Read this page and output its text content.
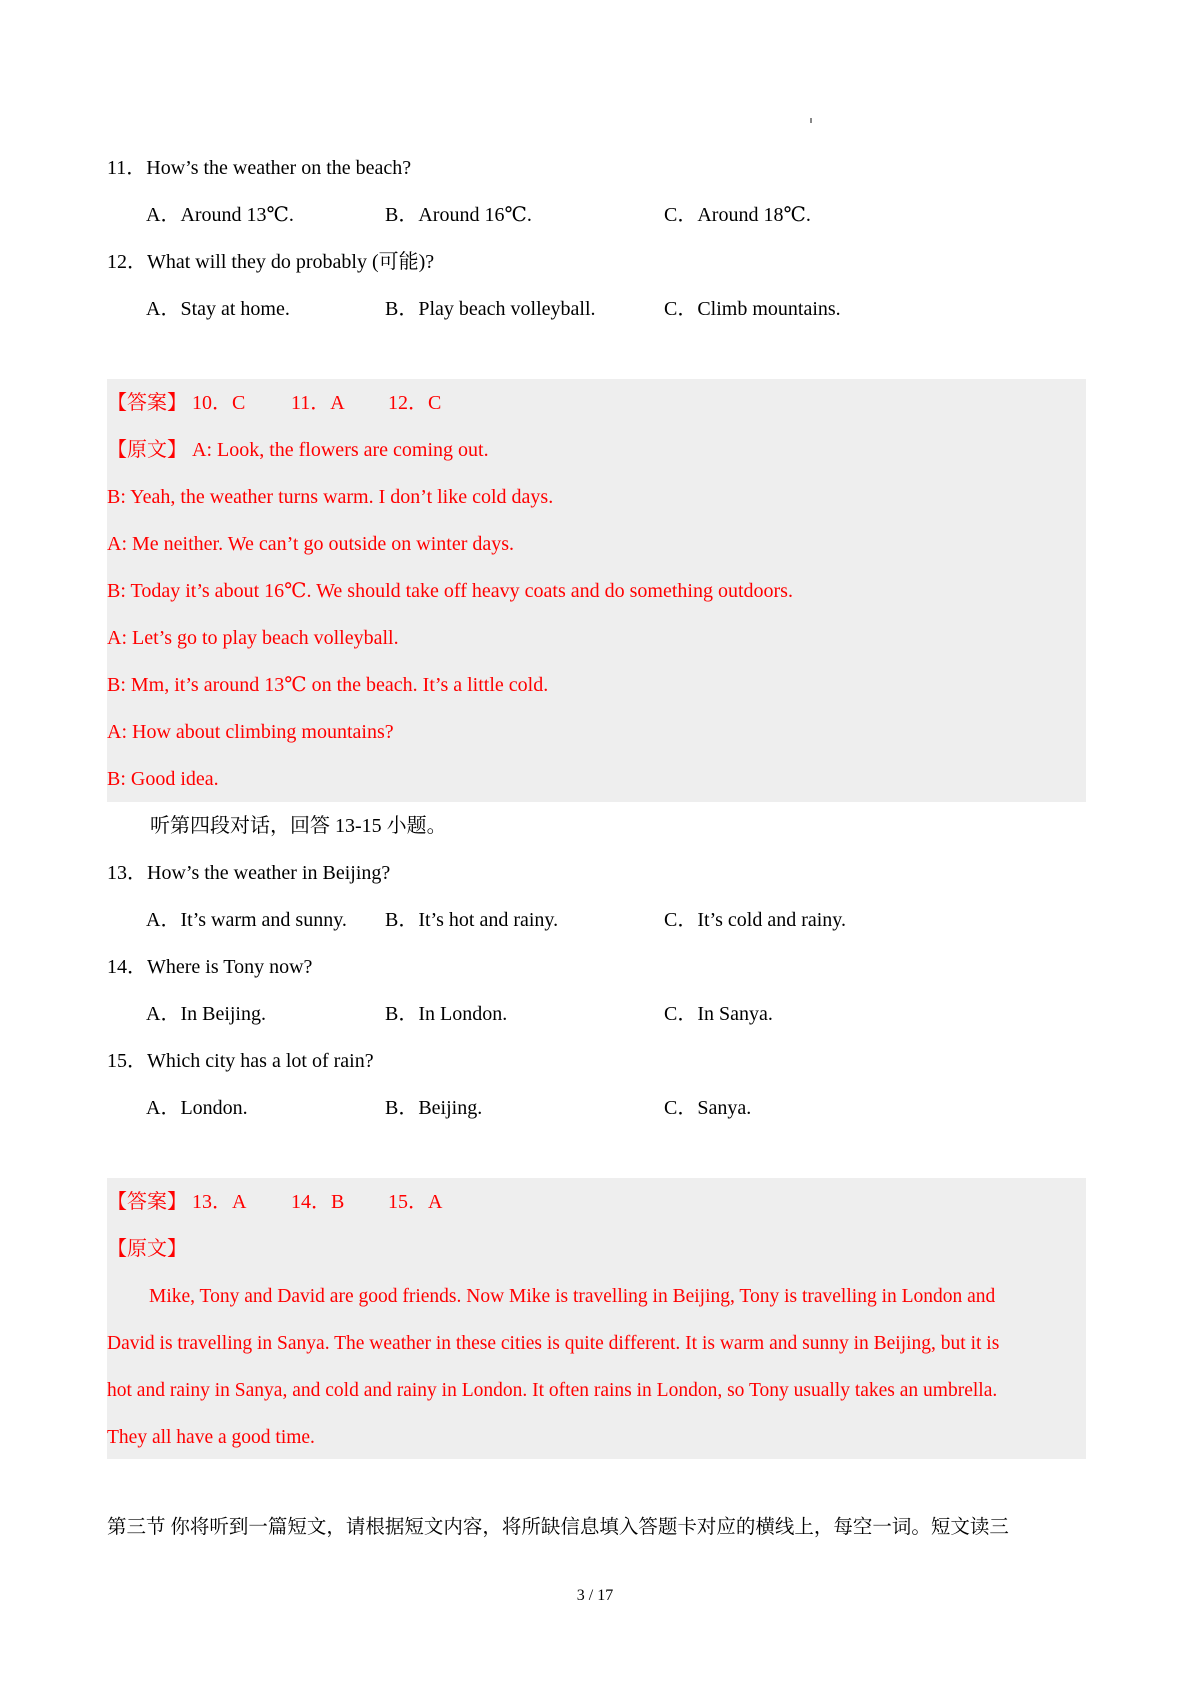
11．How’s the weather on the beach?
A．Around 13℃.	B．Around 16℃.	C．Around 18℃.
12．What will they do probably (可能)?
A．Stay at home.	B．Play beach volleyball.	C．Climb mountains.
【答案】 10．C 11．A 12．C
【原文】 A: Look, the flowers are coming out.
B: Yeah, the weather turns warm. I don’t like cold days.
A: Me neither. We can’t go outside on winter days.
B: Today it’s about 16℃. We should take off heavy coats and do something outdoors.
A: Let’s go to play beach volleyball.
B: Mm, it’s around 13℃ on the beach. It’s a little cold.
A: How about climbing mountains?
B: Good idea.
听第四段对话，回答 13-15 小题。
13．How’s the weather in Beijing?
A．It’s warm and sunny. B．It’s hot and rainy.	C．It’s cold and rainy.
14．Where is Tony now?
A．In Beijing.	B．In London.	C．In Sanya.
15．Which city has a lot of rain?
A．London.	B．Beijing.	C．Sanya.
【答案】 13．A 14．B 15．A
【原文】
Mike, Tony and David are good friends. Now Mike is travelling in Beijing, Tony is travelling in London and
David is travelling in Sanya. The weather in these cities is quite different. It is warm and sunny in Beijing, but it is
hot and rainy in Sanya, and cold and rainy in London. It often rains in London, so Tony usually takes an umbrella.
They all have a good time.
第三节 你将听到一篇短文，请根据短文内容，将所缺信息填入答题卡对应的横线上，每空一词。短文读三
3 / 17
